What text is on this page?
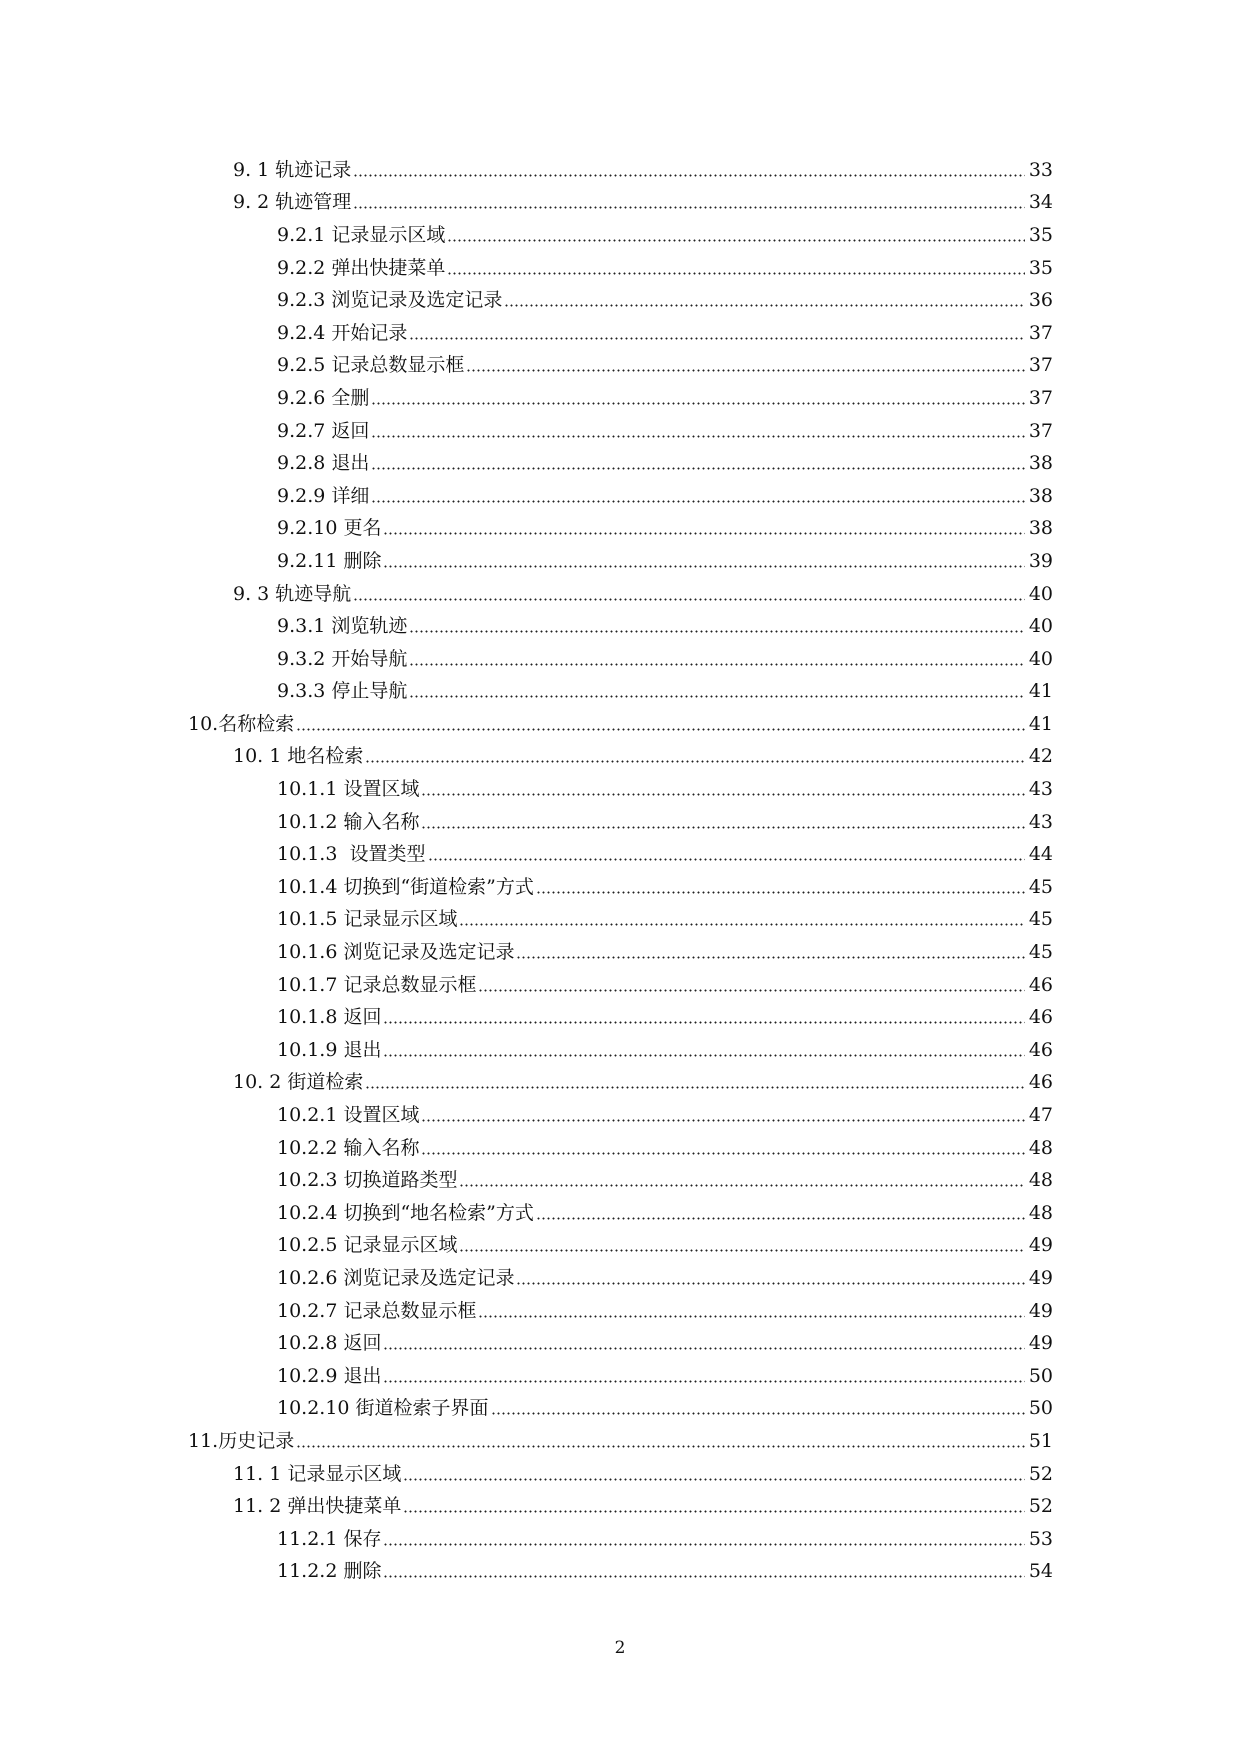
9. 1 轨迹记录	33
9. 2 轨迹管理	34
9.2.1 记录显示区域	35
9.2.2 弹出快捷菜单	35
9.2.3 浏览记录及选定记录	36
9.2.4 开始记录	37
9.2.5 记录总数显示框	37
9.2.6 全删	37
9.2.7 返回	37
9.2.8 退出	38
9.2.9 详细	38
9.2.10 更名	38
9.2.11 删除	39
9. 3 轨迹导航	40
9.3.1 浏览轨迹	40
9.3.2 开始导航	40
9.3.3 停止导航	41
10.名称检索	41
10. 1 地名检索	42
10.1.1 设置区域	43
10.1.2 输入名称	43
10.1.3  设置类型	44
10.1.4 切换到“街道检索”方式	45
10.1.5 记录显示区域	45
10.1.6 浏览记录及选定记录	45
10.1.7 记录总数显示框	46
10.1.8 返回	46
10.1.9 退出	46
10. 2 街道检索	46
10.2.1 设置区域	47
10.2.2 输入名称	48
10.2.3 切换道路类型	48
10.2.4 切换到“地名检索”方式	48
10.2.5 记录显示区域	49
10.2.6 浏览记录及选定记录	49
10.2.7 记录总数显示框	49
10.2.8 返回	49
10.2.9 退出	50
10.2.10 街道检索子界面	50
11.历史记录	51
11. 1 记录显示区域	52
11. 2 弹出快捷菜单	52
11.2.1 保存	53
11.2.2 删除	54
2
